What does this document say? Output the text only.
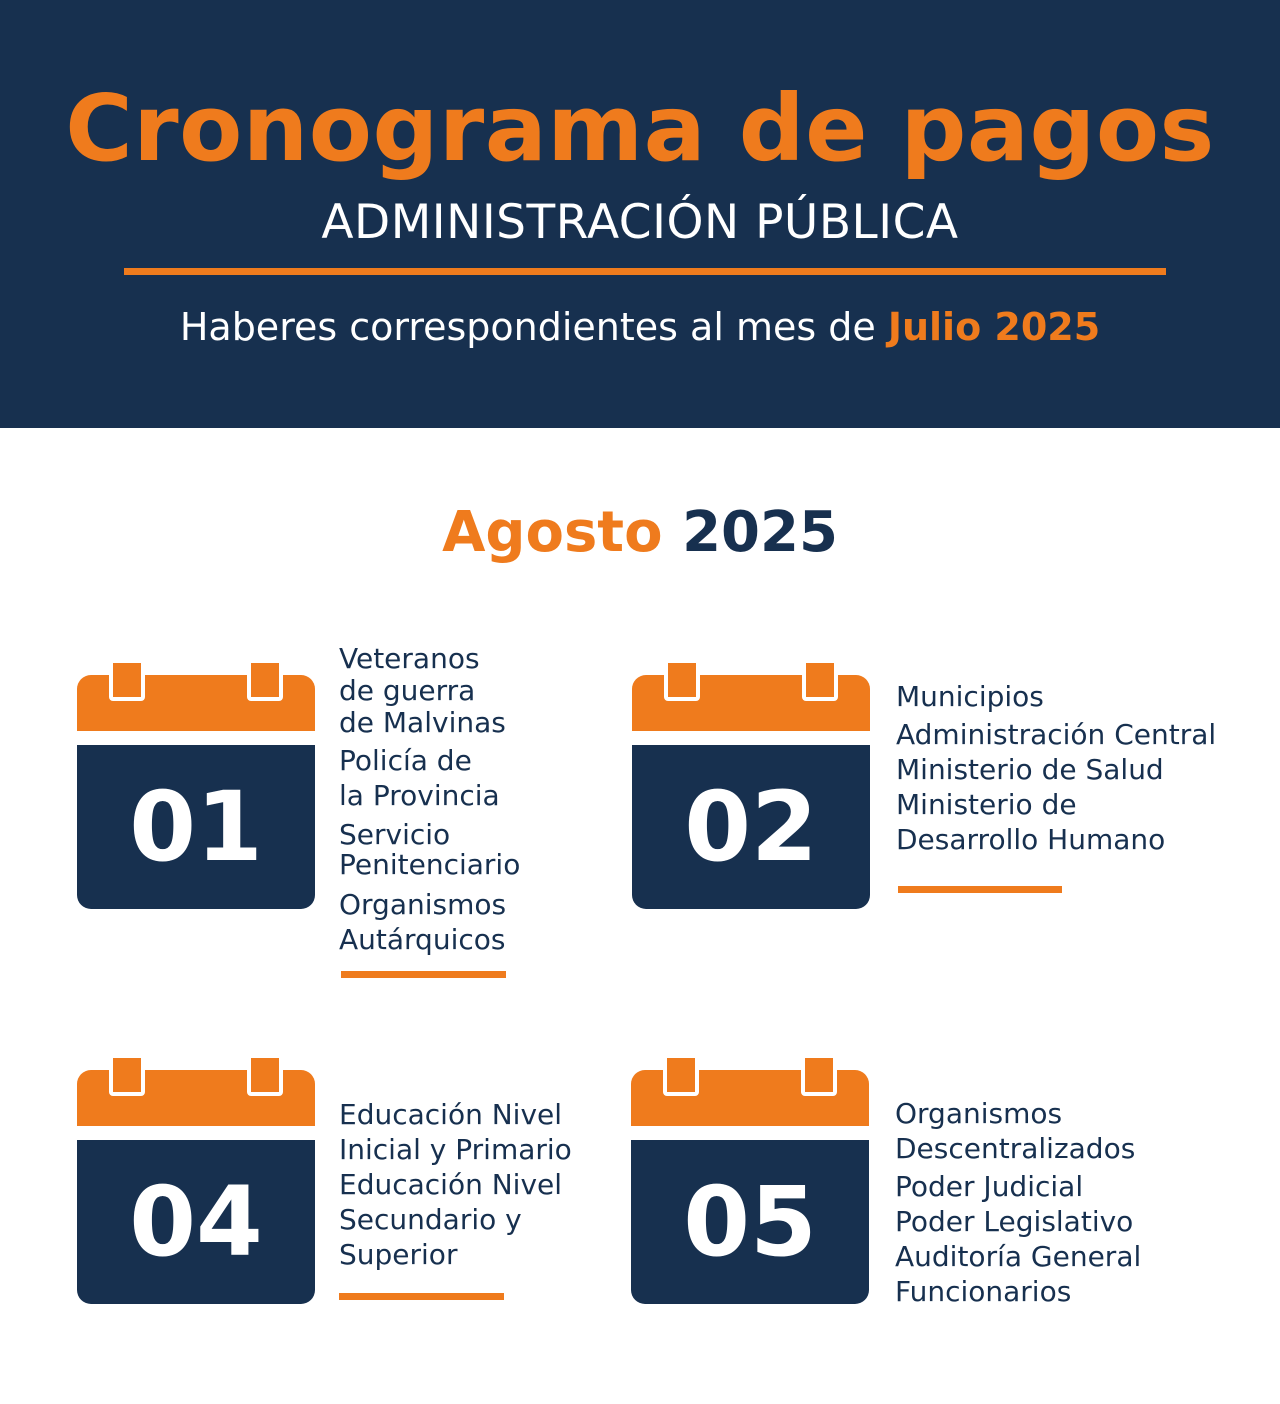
Cronograma de pagos
ADMINISTRACIÓN PÚBLICA
Haberes correspondientes al mes de Julio 2025
Agosto 2025
01
Veteranos
de guerra
de Malvinas
Policía de
la Provincia
Servicio
Penitenciario
Organismos
Autárquicos
02
Municipios
Administración Central
Ministerio de Salud
Ministerio de
Desarrollo Humano
04
Educación Nivel
Inicial y Primario
Educación Nivel
Secundario y
Superior	05
Organismos
Descentralizados
Poder Judicial
Poder Legislativo
Auditoría General
Funcionarios
